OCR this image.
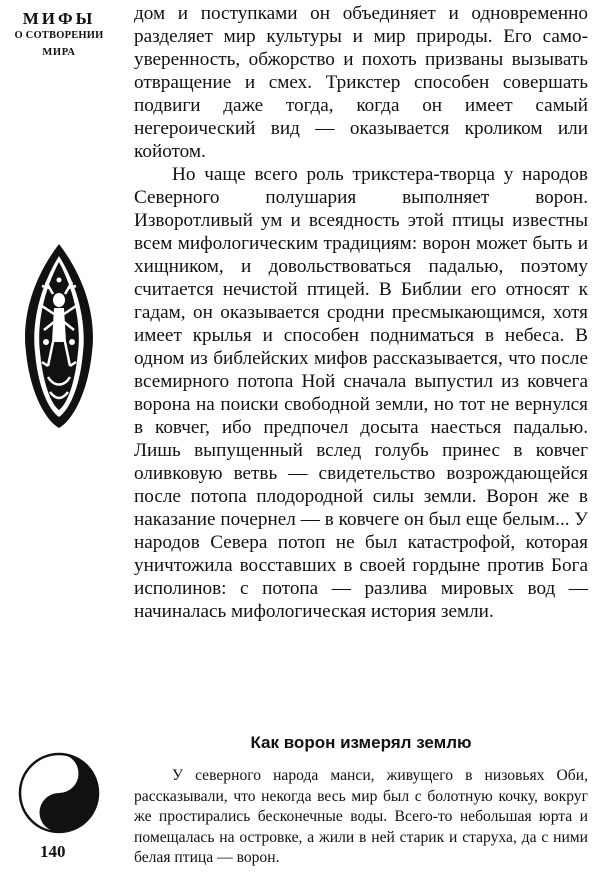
МИФЫ
О СОТВОРЕНИИ
МИРА
140

дом и поступками он объединяет и одновременно разделяет мир культуры и мир природы. Его самоуверенность, обжорство и похоть призваны вызывать отвращение и смех. Трикстер способен совершать подвиги даже тогда, когда он имеет самый негероический вид — оказывается кроликом или койотом.

Но чаще всего роль трикстера-творца у народов Северного полушария выполняет ворон. Изворотливый ум и всеядность этой птицы известны всем мифологическим традициям: ворон может быть и хищником, и довольствоваться падалью, поэтому считается нечистой птицей. В Библии его относят к гадам, он оказывается сродни пресмыкающимся, хотя имеет крылья и способен подниматься в небеса. В одном из библейских мифов рассказывается, что после всемирного потопа Ной сначала выпустил из ковчега ворона на поиски свободной земли, но тот не вернулся в ковчег, ибо предпочел досыта наесться падалью. Лишь выпущенный вслед голубь принес в ковчег оливковую ветвь — свидетельство возрождающейся после потопа плодородной силы земли. Ворон же в наказание почернел — в ковчеге он был еще белым... У народов Севера потоп не был катастрофой, которая уничтожила восставших в своей гордыне против Бога исполинов: с потопа — разлива мировых вод — начиналась мифологическая история земли.

Как ворон измерял землю

У северного народа манси, живущего в низовьях Оби, рассказывали, что некогда весь мир был с болотную кочку, вокруг же простирались бесконечные воды. Всего-то небольшая юрта и помещалась на островке, а жили в ней старик и старуха, да с ними белая птица — ворон.
